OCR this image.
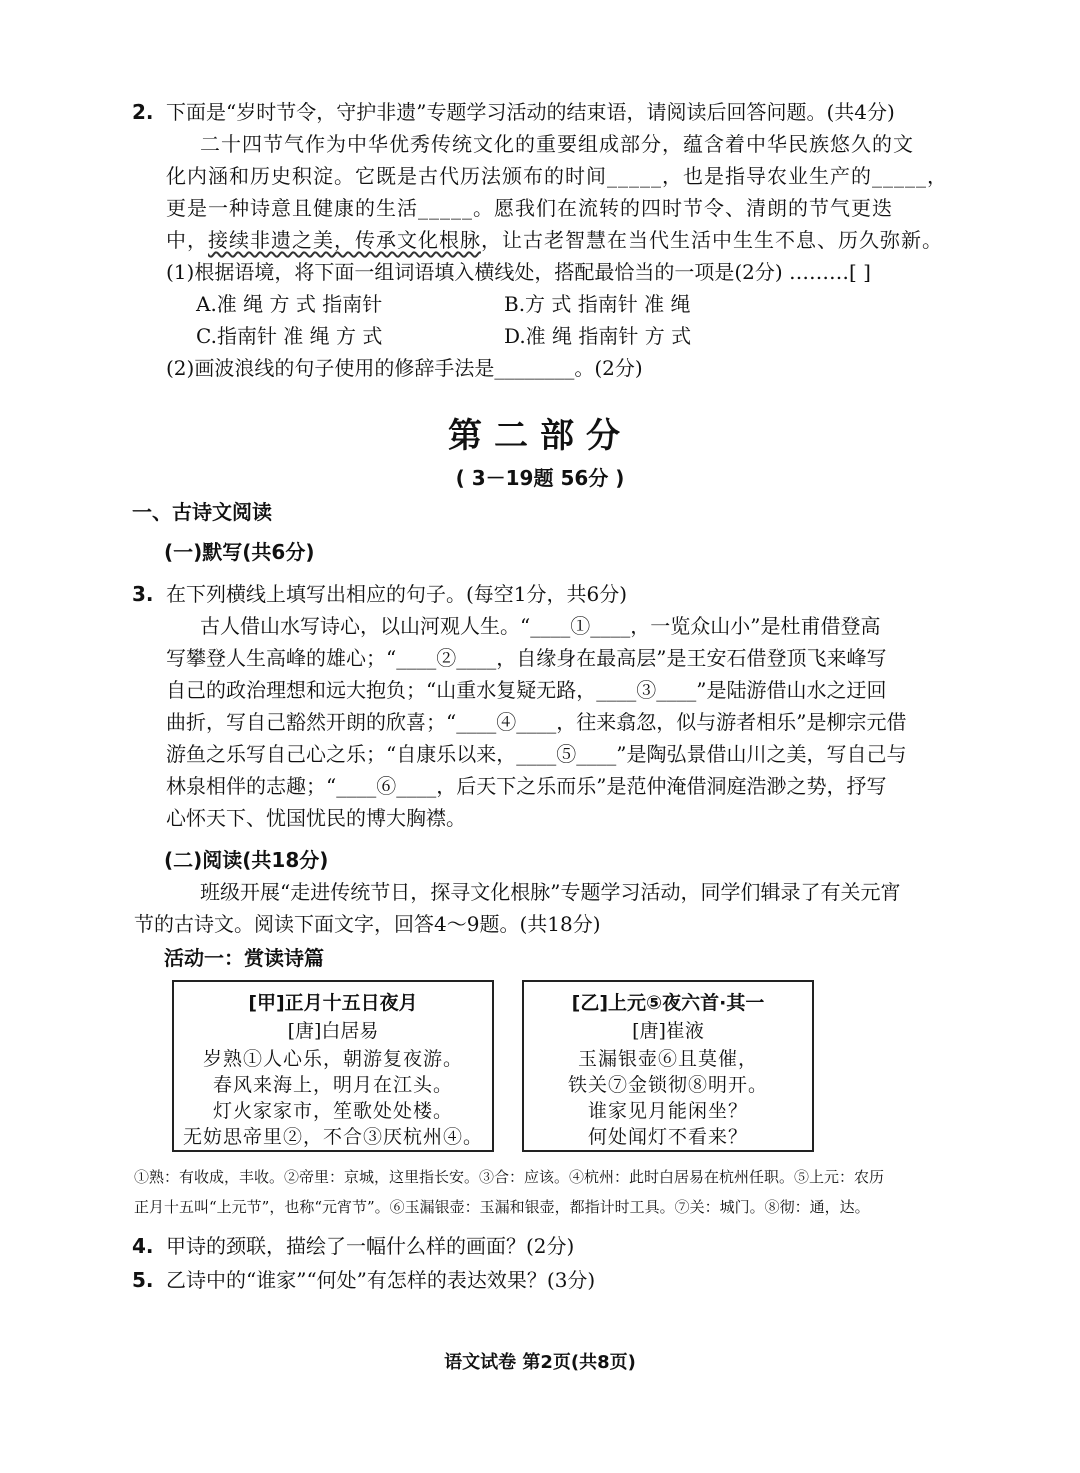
2. 下面是“岁时节令，守护非遗”专题学习活动的结束语，请阅读后回答问题。(共4分)
二十四节气作为中华优秀传统文化的重要组成部分，蕴含着中华民族悠久的文
化内涵和历史积淀。它既是古代历法颁布的时间_____，也是指导农业生产的_____，
更是一种诗意且健康的生活_____。愿我们在流转的四时节令、清朗的节气更迭
中，接续非遗之美，传承文化根脉，让古老智慧在当代生活中生生不息、历久弥新。
(1)根据语境，将下面一组词语填入横线处，搭配最恰当的一项是(2分) ………[ ]
A.准 绳 方 式 指南针	B.方 式 指南针 准 绳
C.指南针 准 绳 方 式	D.准 绳 指南针 方 式
(2)画波浪线的句子使用的修辞手法是________。(2分)
第二部分
( 3－19题 56分 )
一、古诗文阅读
(一)默写(共6分)
3. 在下列横线上填写出相应的句子。(每空1分，共6分)
古人借山水写诗心，以山河观人生。“____①____，一览众山小”是杜甫借登高
写攀登人生高峰的雄心；“____②____，自缘身在最高层”是王安石借登顶飞来峰写
自己的政治理想和远大抱负；“山重水复疑无路，____③____”是陆游借山水之迂回
曲折，写自己豁然开朗的欣喜；“____④____，往来翕忽，似与游者相乐”是柳宗元借
游鱼之乐写自己心之乐；“自康乐以来，____⑤____”是陶弘景借山川之美，写自己与
林泉相伴的志趣；“____⑥____，后天下之乐而乐”是范仲淹借洞庭浩渺之势，抒写
心怀天下、忧国忧民的博大胸襟。
(二)阅读(共18分)
班级开展“走进传统节日，探寻文化根脉”专题学习活动，同学们辑录了有关元宵
节的古诗文。阅读下面文字，回答4～9题。(共18分)
活动一：赏读诗篇
[甲]正月十五日夜月
[唐]白居易
岁熟①人心乐，朝游复夜游。
春风来海上，明月在江头。
灯火家家市，笙歌处处楼。
无妨思帝里②，不合③厌杭州④。
[乙]上元⑤夜六首·其一
[唐]崔液
玉漏银壶⑥且莫催，
铁关⑦金锁彻⑧明开。
谁家见月能闲坐？
何处闻灯不看来？
①熟：有收成，丰收。②帝里：京城，这里指长安。③合：应该。④杭州：此时白居易在杭州任职。⑤上元：农历
正月十五叫“上元节”，也称“元宵节”。⑥玉漏银壶：玉漏和银壶，都指计时工具。⑦关：城门。⑧彻：通，达。
4. 甲诗的颈联，描绘了一幅什么样的画面？(2分)
5. 乙诗中的“谁家”“何处”有怎样的表达效果？(3分)
语文试卷 第2页(共8页)
